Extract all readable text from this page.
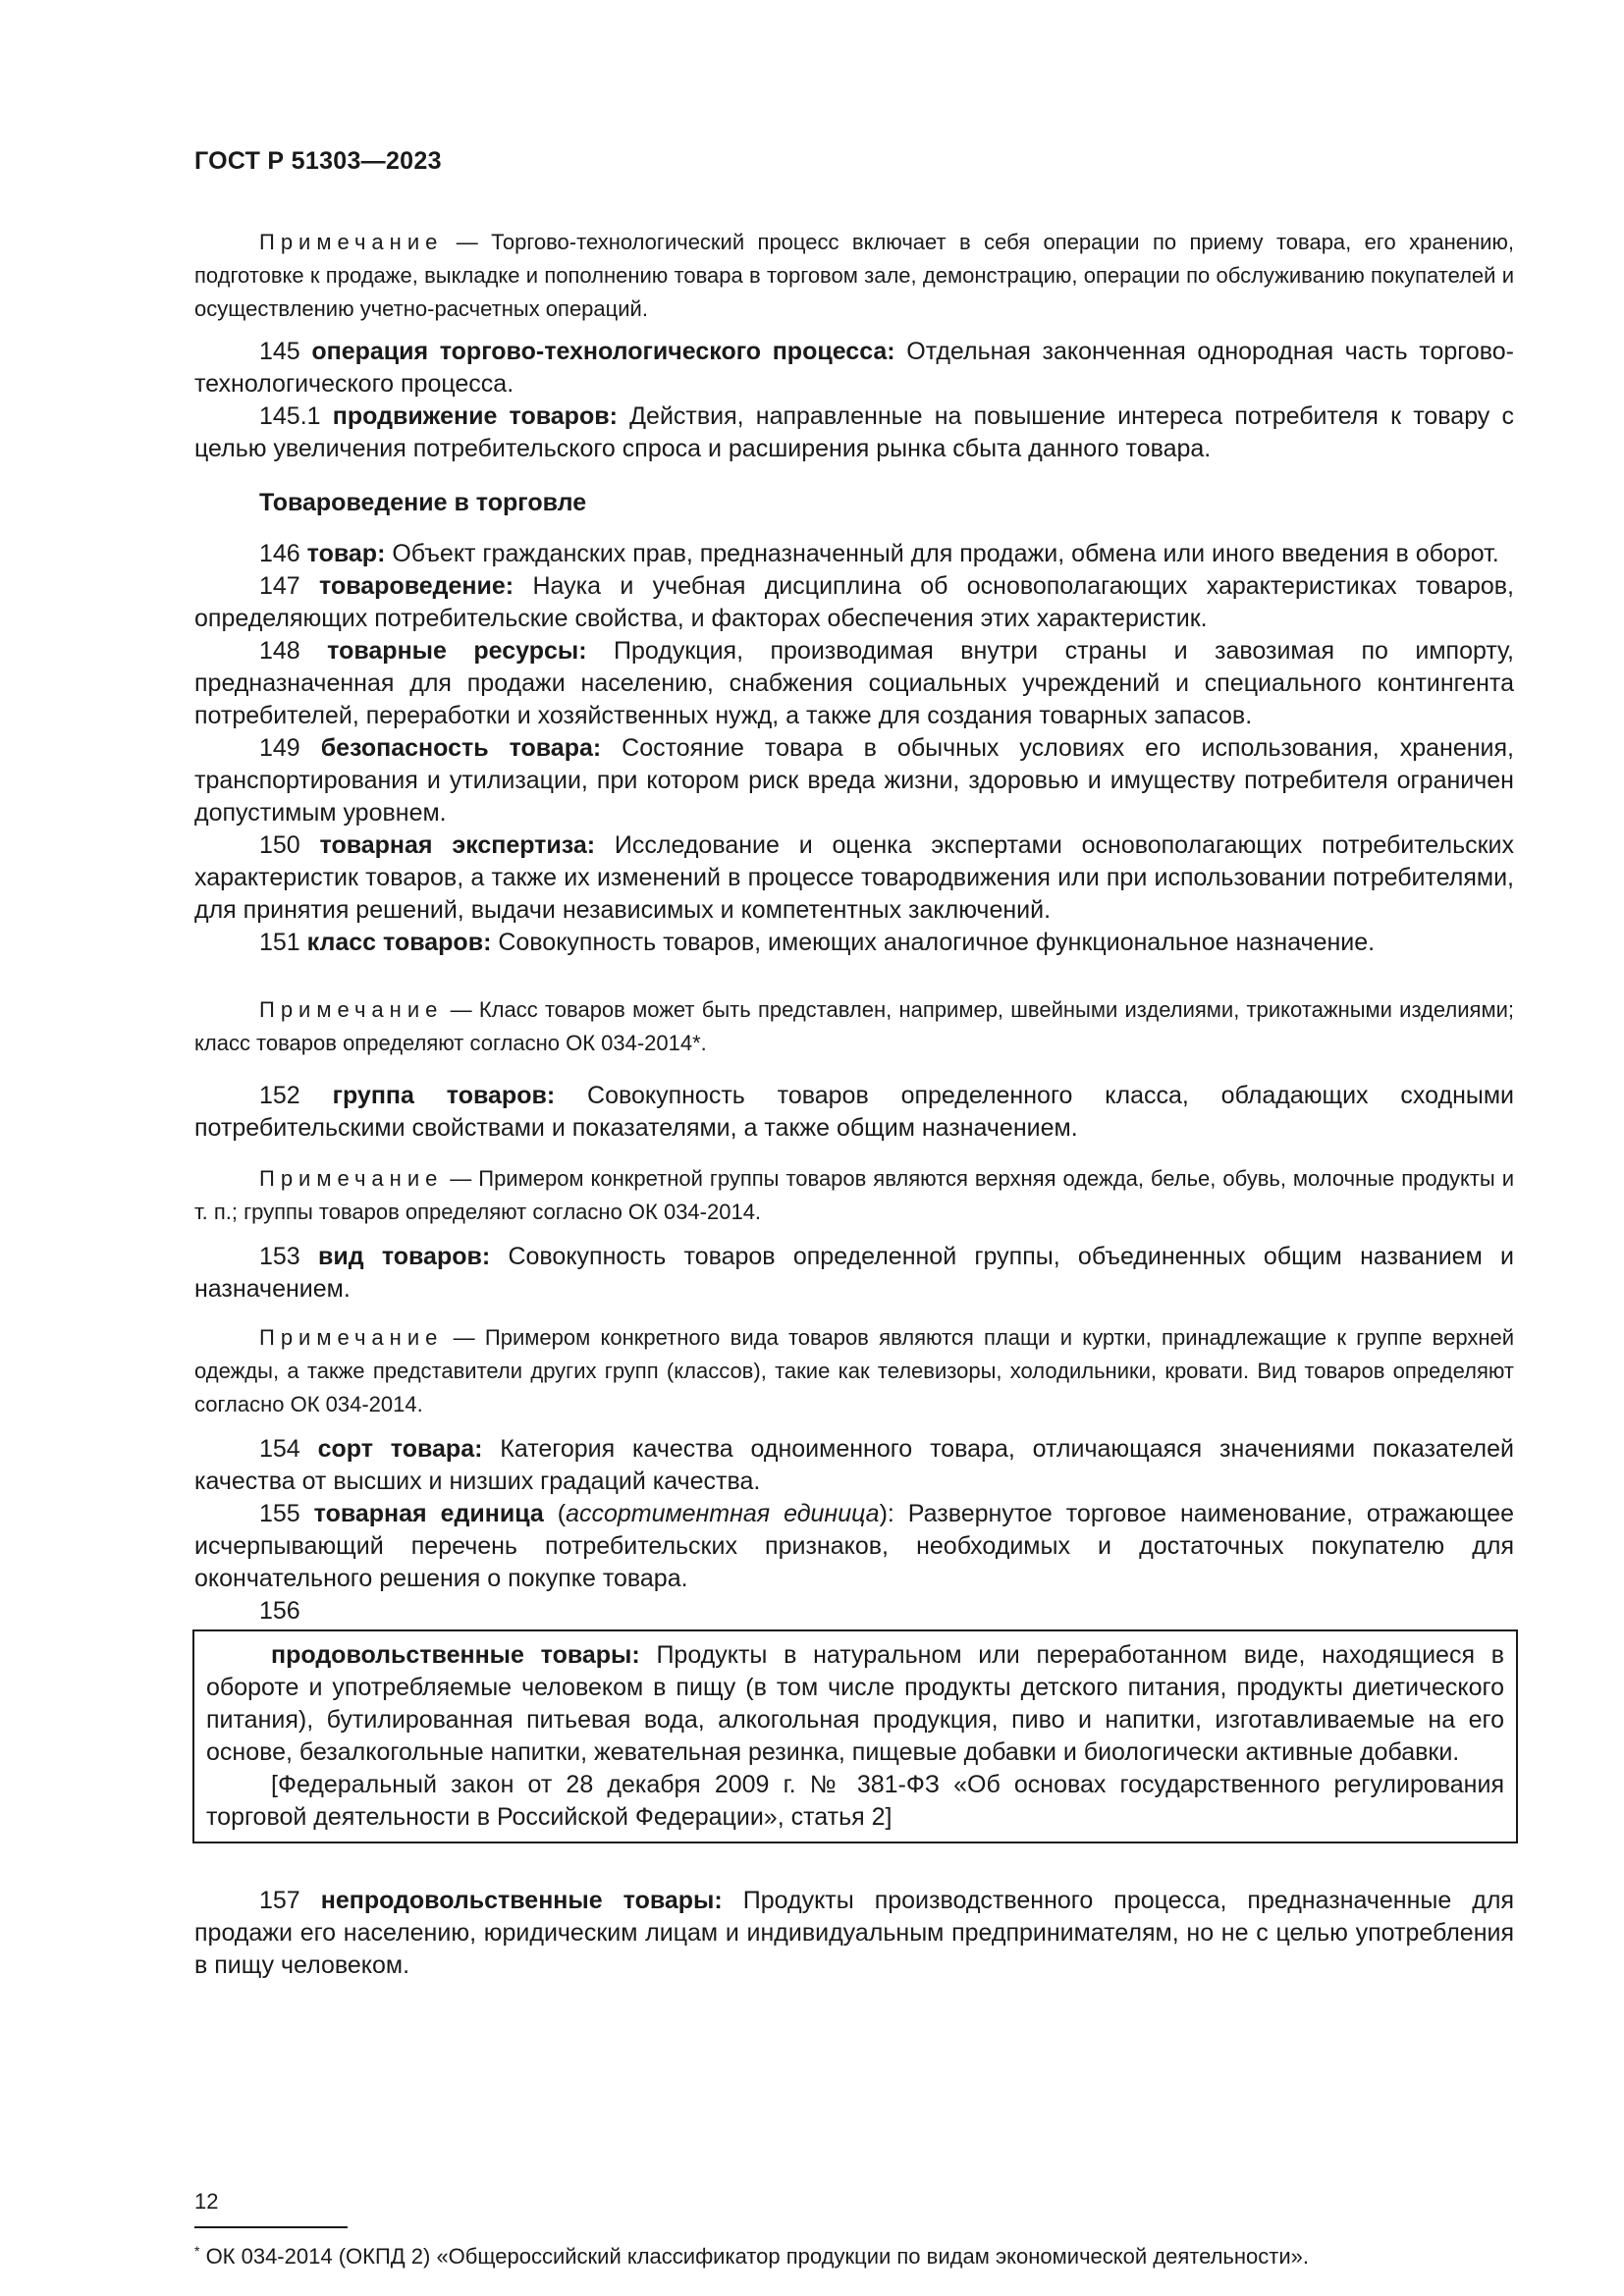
ГОСТ Р 51303—2023

Примечание — Торгово-технологический процесс включает в себя операции по приему товара, его хранению, подготовке к продаже, выкладке и пополнению товара в торговом зале, демонстрацию, операции по обслуживанию покупателей и осуществлению учетно-расчетных операций.

145 операция торгово-технологического процесса: Отдельная законченная однородная часть торгово-технологического процесса.

145.1 продвижение товаров: Действия, направленные на повышение интереса потребителя к товару с целью увеличения потребительского спроса и расширения рынка сбыта данного товара.

Товароведение в торговле

146 товар: Объект гражданских прав, предназначенный для продажи, обмена или иного введения в оборот.

147 товароведение: Наука и учебная дисциплина об основополагающих характеристиках товаров, определяющих потребительские свойства, и факторах обеспечения этих характеристик.

148 товарные ресурсы: Продукция, производимая внутри страны и завозимая по импорту, предназначенная для продажи населению, снабжения социальных учреждений и специального контингента потребителей, переработки и хозяйственных нужд, а также для создания товарных запасов.

149 безопасность товара: Состояние товара в обычных условиях его использования, хранения, транспортирования и утилизации, при котором риск вреда жизни, здоровью и имуществу потребителя ограничен допустимым уровнем.

150 товарная экспертиза: Исследование и оценка экспертами основополагающих потребительских характеристик товаров, а также их изменений в процессе товародвижения или при использовании потребителями, для принятия решений, выдачи независимых и компетентных заключений.

151 класс товаров: Совокупность товаров, имеющих аналогичное функциональное назначение.

Примечание — Класс товаров может быть представлен, например, швейными изделиями, трикотажными изделиями; класс товаров определяют согласно ОК 034-2014*.

152 группа товаров: Совокупность товаров определенного класса, обладающих сходными потребительскими свойствами и показателями, а также общим назначением.

Примечание — Примером конкретной группы товаров являются верхняя одежда, белье, обувь, молочные продукты и т. п.; группы товаров определяют согласно ОК 034-2014.

153 вид товаров: Совокупность товаров определенной группы, объединенных общим названием и назначением.

Примечание — Примером конкретного вида товаров являются плащи и куртки, принадлежащие к группе верхней одежды, а также представители других групп (классов), такие как телевизоры, холодильники, кровати. Вид товаров определяют согласно ОК 034-2014.

154 сорт товара: Категория качества одноименного товара, отличающаяся значениями показателей качества от высших и низших градаций качества.

155 товарная единица (ассортиментная единица): Развернутое торговое наименование, отражающее исчерпывающий перечень потребительских признаков, необходимых и достаточных покупателю для окончательного решения о покупке товара.

156

продовольственные товары: Продукты в натуральном или переработанном виде, находящиеся в обороте и употребляемые человеком в пищу (в том числе продукты детского питания, продукты диетического питания), бутилированная питьевая вода, алкогольная продукция, пиво и напитки, изготавливаемые на его основе, безалкогольные напитки, жевательная резинка, пищевые добавки и биологически активные добавки.

[Федеральный закон от 28 декабря 2009 г. № 381-ФЗ «Об основах государственного регулирования торговой деятельности в Российской Федерации», статья 2]

157 непродовольственные товары: Продукты производственного процесса, предназначенные для продажи его населению, юридическим лицам и индивидуальным предпринимателям, но не с целью употребления в пищу человеком.

* ОК 034-2014 (ОКПД 2) «Общероссийский классификатор продукции по видам экономической деятельности».
12
